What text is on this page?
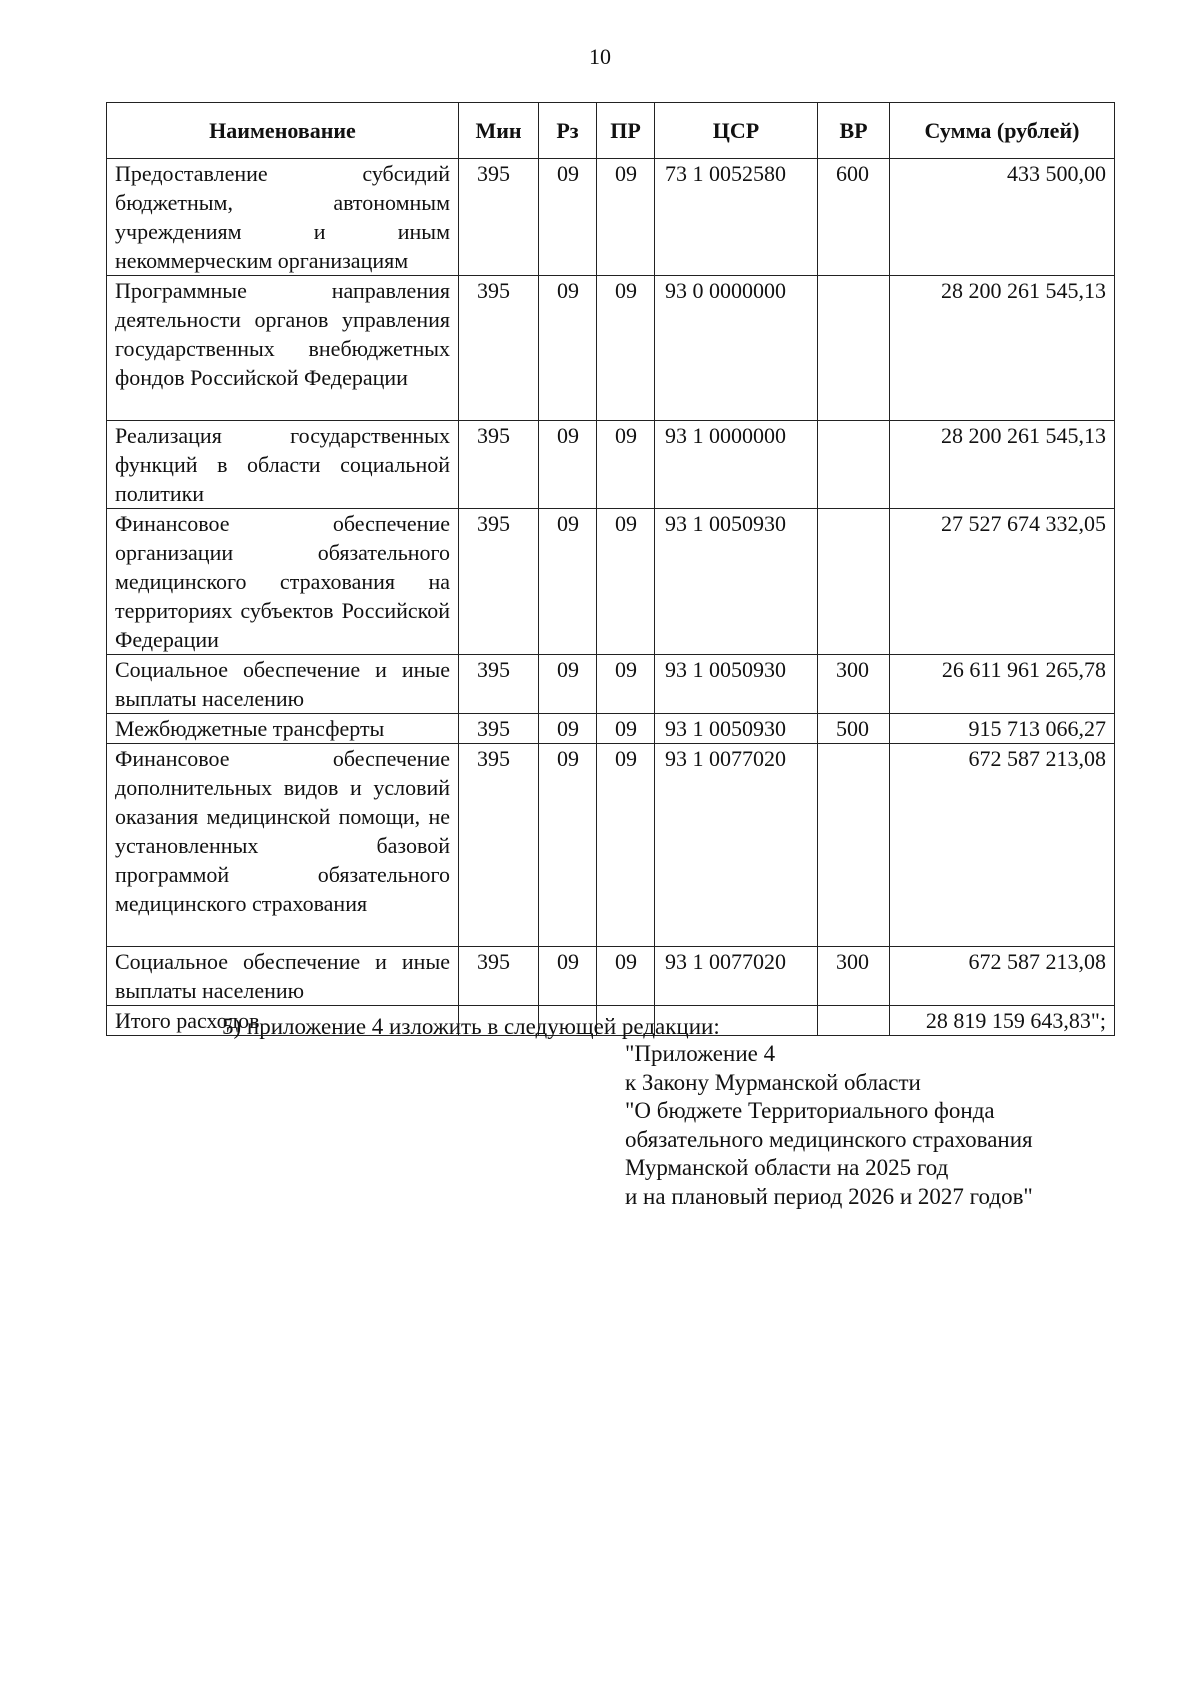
10
Наименование	Мин	Рз	ПР	ЦСР	ВР	Сумма (рублей)
Предоставление субсидий бюджетным, автономным учреждениям и иным некоммерческим организациям	395	09	09	73 1 0052580	600	433 500,00
Программные направления деятельности органов управления государственных внебюджетных фондов Российской Федерации	395	09	09	93 0 0000000		28 200 261 545,13
Реализация государственных функций в области социальной политики	395	09	09	93 1 0000000		28 200 261 545,13
Финансовое обеспечение организации обязательного медицинского страхования на территориях субъектов Российской Федерации	395	09	09	93 1 0050930		27 527 674 332,05
Социальное обеспечение и иные выплаты населению	395	09	09	93 1 0050930	300	26 611 961 265,78
Межбюджетные трансферты	395	09	09	93 1 0050930	500	915 713 066,27
Финансовое обеспечение дополнительных видов и условий оказания медицинской помощи, не установленных базовой программой обязательного медицинского страхования	395	09	09	93 1 0077020		672 587 213,08
Социальное обеспечение и иные выплаты населению	395	09	09	93 1 0077020	300	672 587 213,08
Итого расходов						28 819 159 643,83";
5) приложение 4 изложить в следующей редакции:
"Приложение 4
к Закону Мурманской области
"О бюджете Территориального фонда
обязательного медицинского страхования
Мурманской области на 2025 год
и на плановый период 2026 и 2027 годов"
